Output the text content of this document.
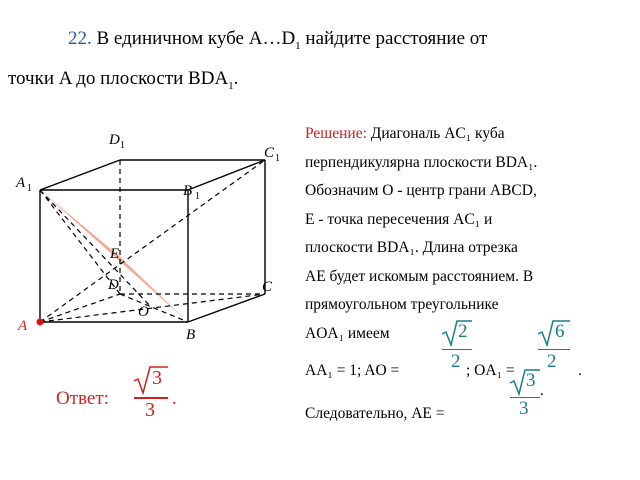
22. В единичном кубе $A\dots D_1$ найдите расстояние от
точки A до плоскости $BDA_1$.
A
B
C
D
A 1	B 1
C 1
D 1
O
E
Решение: Диагональ AC₁ куба
перпендикулярна плоскости BDA₁.
Обозначим O - центр грани ABCD,
E - точка пересечения AC₁ и
плоскости BDA₁. Длина отрезка
AE будет искомым расстоянием. В
прямоугольном треугольнике
AOA₁ имеем
AA₁ = 1; AO =	; OA₁ =	.
2
2
6
2
3
3
.
Следовательно, AE =
Ответ:
3
3
.
